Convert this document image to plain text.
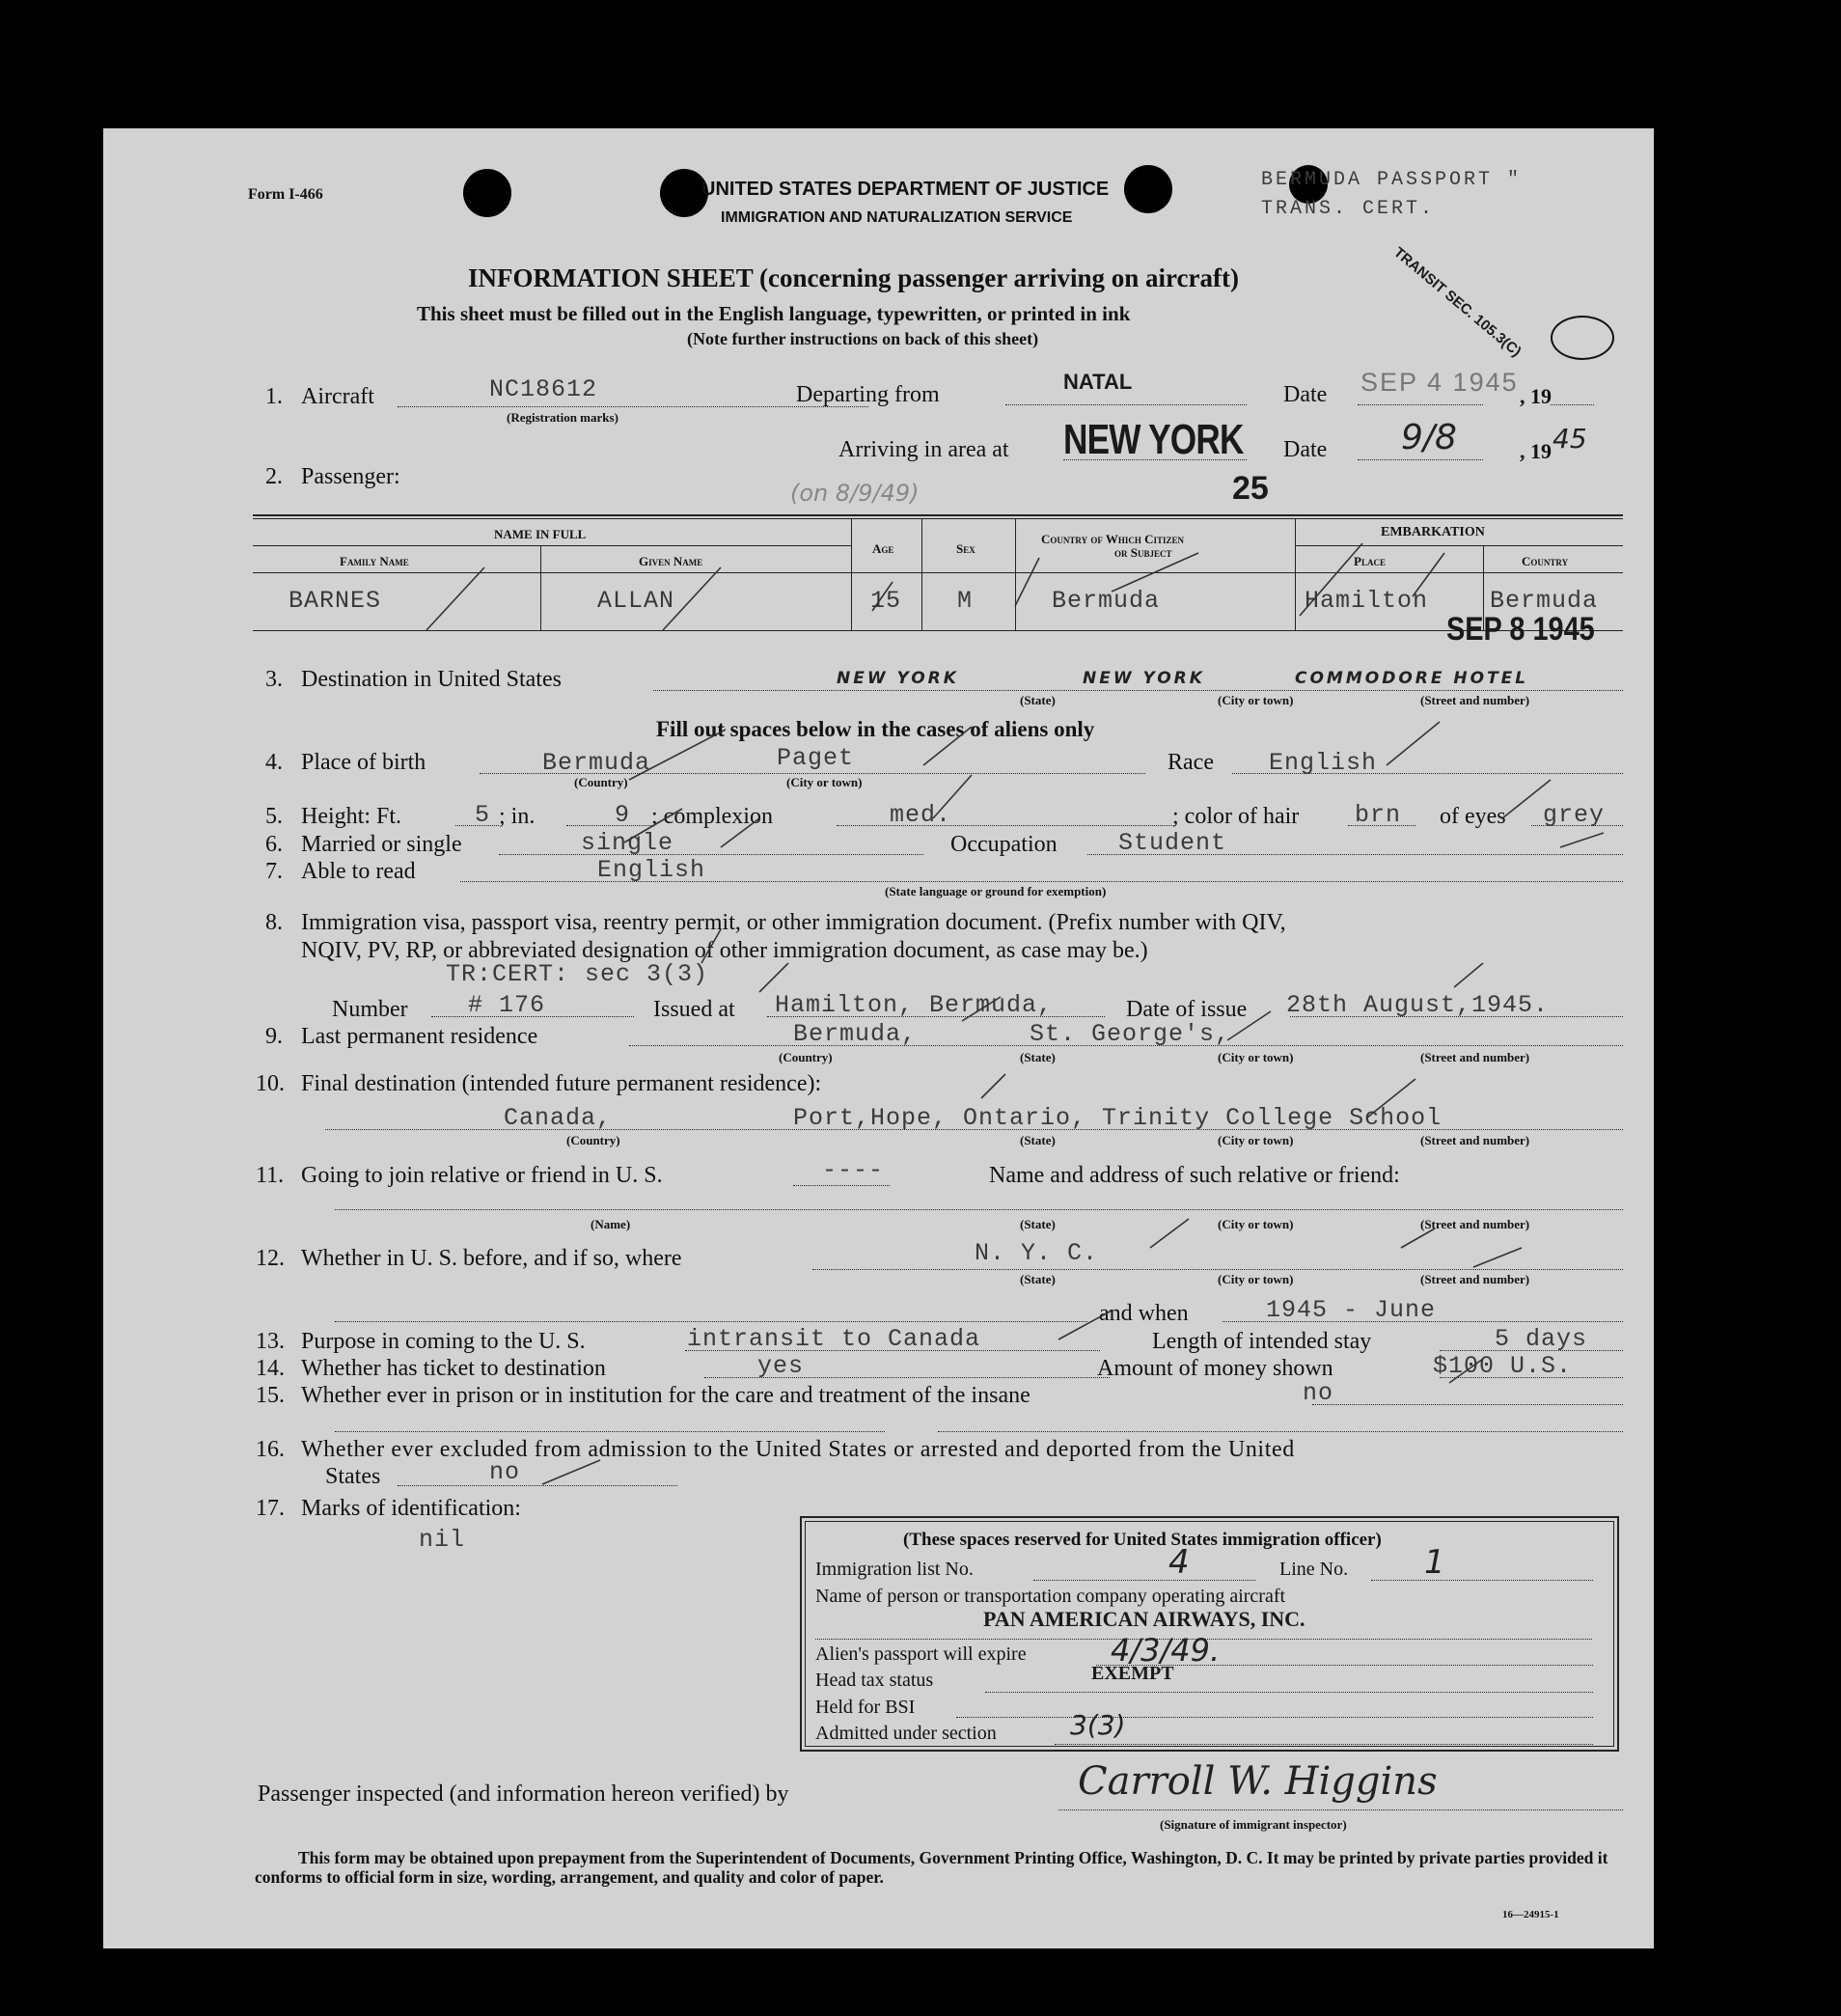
Form I-466	UNITED STATES DEPARTMENT OF JUSTICE
IMMIGRATION AND NATURALIZATION SERVICE
BERMUDA PASSPORT "
TRANS. CERT.
TRANSIT SEC. 105.3(C)
INFORMATION SHEET (concerning passenger arriving on aircraft)
This sheet must be filled out in the English language, typewritten, or printed in ink
(Note further instructions on back of this sheet)
1. Aircraft	NC18612
(Registration marks)
Departing from
NATAL
Date SEP 4 1945 , 19
Arriving in area at NEW YORK Date 9/8	, 19 45
2. Passenger:
(on 8/9/49)	25
NAME IN FULL
Family Name	Given Name
Age	Sex
Country of Which Citizen
or Subject
EMBARKATION
Place	Country
BARNES	ALLAN	15 M	Bermuda	Hamilton	Bermuda
SEP 8 1945
3. Destination in United States	NEW YORK	NEW YORK	COMMODORE HOTEL
(State)	(City or town)	(Street and number)
Fill out spaces below in the cases of aliens only
4. Place of birth	Bermuda	Paget
(Country)	(City or town)
Race English
5. Height: Ft.	5 ; in.	9 ; complexion	med.	; color of hair brn of eyes grey
6. Married or single	single	Occupation	Student
7. Able to read	English
(State language or ground for exemption)
8. Immigration visa, passport visa, reentry permit, or other immigration document. (Prefix number with QIV,
NQIV, PV, RP, or abbreviated designation of other immigration document, as case may be.)
TR:CERT: sec 3(3)
Number # 176	Issued at Hamilton, Bermuda,	Date of issue 28th August,1945.
9. Last permanent residence	Bermuda,	St. George's,
(Country)	(State)	(City or town)	(Street and number)
10. Final destination (intended future permanent residence):
Canada,	Port,Hope, Ontario, Trinity College School
(Country)	(State)	(City or town)	(Street and number)
11. Going to join relative or friend in U. S.	----	Name and address of such relative or friend:
(Name)	(State)	(City or town)	(Street and number)
12. Whether in U. S. before, and if so, where	N. Y. C.
(State)	(City or town)	(Street and number)
and when	1945 - June
13. Purpose in coming to the U. S.	intransit to Canada	Length of intended stay	5 days
14. Whether has ticket to destination	yes	Amount of money shown	$100 U.S.
15. Whether ever in prison or in institution for the care and treatment of the insane	no
16. Whether ever excluded from admission to the United States or arrested and deported from the United
States	no
17. Marks of identification:
nil	(These spaces reserved for United States immigration officer)
Immigration list No.	4	Line No. 1
Name of person or transportation company operating aircraft
PAN AMERICAN AIRWAYS, INC.
Alien's passport will expire	4/3/49.
Head tax status	EXEMPT
Held for BSI
Admitted under section	3(3)
Passenger inspected (and information hereon verified) by	Carroll W. Higgins
(Signature of immigrant inspector)
This form may be obtained upon prepayment from the Superintendent of Documents, Government Printing Office, Washington, D. C. It may be printed by private parties provided it conforms to official form in size, wording, arrangement, and quality and color of paper.
16—24915-1
